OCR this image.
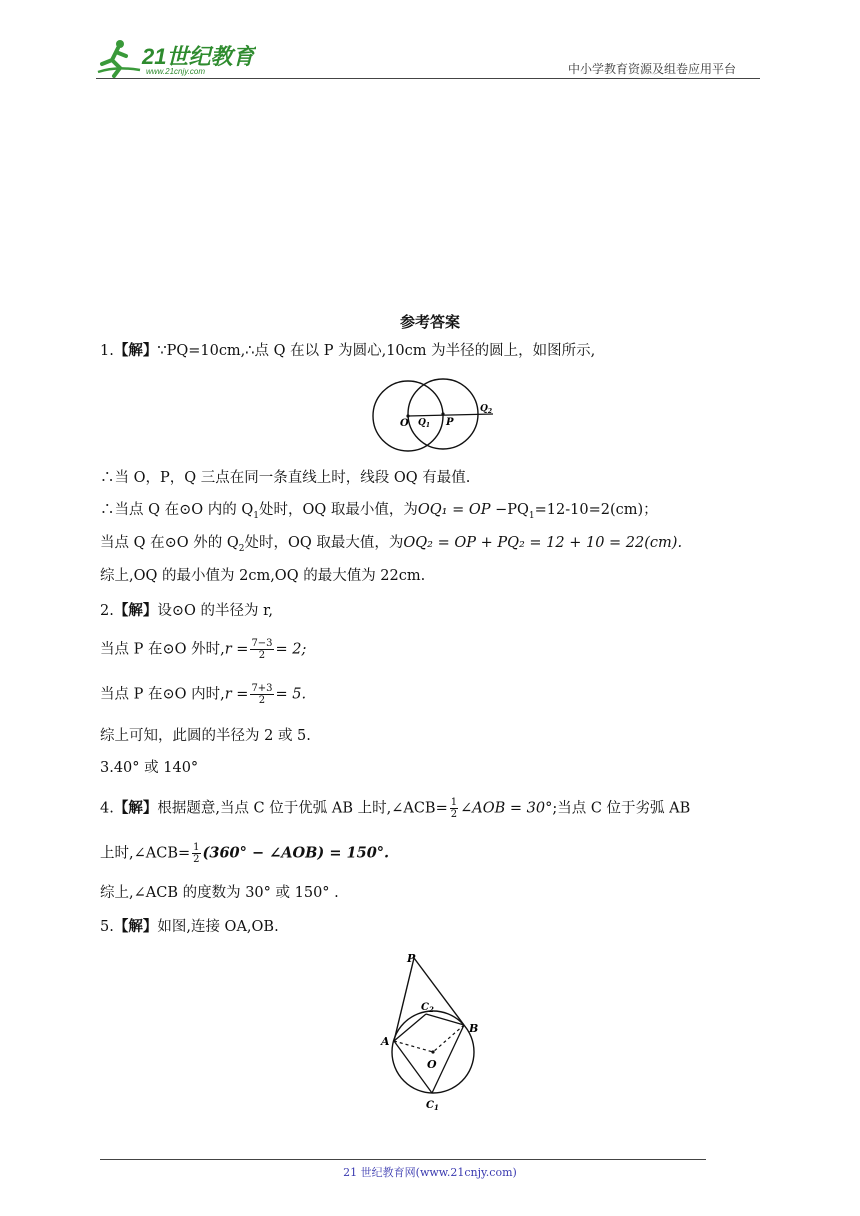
21世纪教育
www.21cnjy.com	中小学教育资源及组卷应用平台
参考答案
1.【解】∵PQ=10cm,∴点 Q 在以 P 为圆心,10cm 为半径的圆上，如图所示,
O $Q_1$ P
$Q_2$
∴当 O，P，Q 三点在同一条直线上时，线段 OQ 有最值.
∴当点 Q 在⊙O 内的 $Q_1$处时，OQ 取最小值，为OQ₁ = OP $-PQ_1=12-10=2(cm)$；
当点 Q 在⊙O 外的 $Q_2$处时，OQ 取最大值，为OQ₂ = OP + PQ₂ = 12 + 10 = 22(cm).
综上,OQ 的最小值为 2cm,OQ 的最大值为 22cm.
2.【解】设⊙O 的半径为 r,
当点 P 在⊙O 外时$,r = \frac{7-3}{2} = 2$;
当点 P 在⊙O 内时$,r = \frac{7+3}{2} = 5$.
综上可知，此圆的半径为 2 或 5.
3.40° 或 140°
4.【解】根据题意,当点 C 位于优弧 AB 上时,∠ACB= $\frac{1}{2}$ ∠AOB = 30°;当点 C 位于劣弧 AB
上时,∠ACB= $\frac{1}{2} (360^\circ$ − ∠AOB) = 150°.
综上,∠ACB 的度数为 30° 或 150° .
5.【解】如图,连接 OA,OB.
P
$C_2$
A
B
O
$C_1$
21 世纪教育网(www.21cnjy.com)
